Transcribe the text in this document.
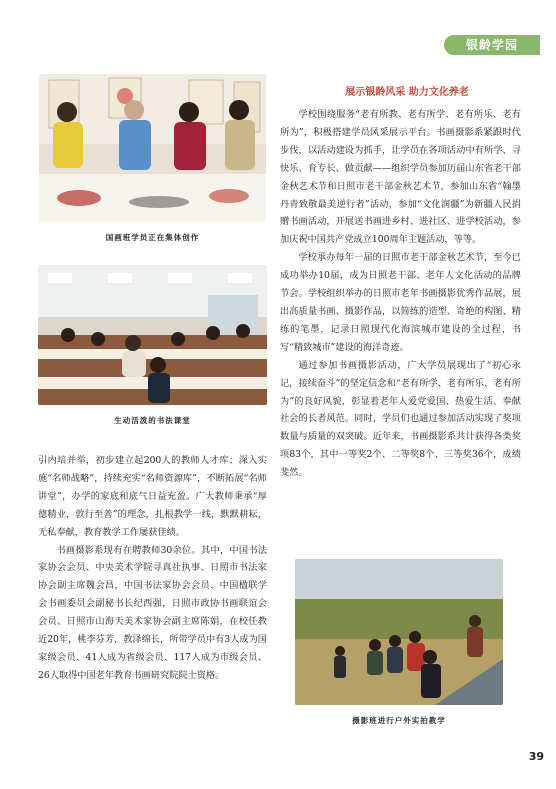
银龄学园
国画班学员正在集体创作
生动活泼的书法课堂
展示银龄风采 助力文化养老

学校围绕服务“老有所教、老有所学、老有所乐、老有所为”，积极搭建学员风采展示平台。书画摄影系紧跟时代步伐，以活动建设为抓手，让学员在各项活动中有所学、寻快乐、育专长、做贡献——组织学员参加历届山东省老干部金秋艺术节和日照市老干部金秋艺术节，参加山东省“翰墨丹青致敬最美逆行者”活动，参加“文化润疆”为新疆人民捐赠书画活动，开展送书画进乡村、进社区、进学校活动，参加庆祝中国共产党成立100周年主题活动，等等。

学校承办每年一届的日照市老干部金秋艺术节，至今已成功举办10届，成为日照老干部、老年人文化活动的品牌节会。学校组织举办的日照市老年书画摄影优秀作品展，展出高质量书画、摄影作品，以简练的造型、奇绝的构图、精练的笔墨，记录日照现代化海滨城市建设的全过程，书写“精致城市”建设的海洋奇迹。

通过参加书画摄影活动，广大学员展现出了“初心永记，接续奋斗”的坚定信念和“老有所学、老有所乐、老有所为”的良好风貌，彰显着老年人爱党爱国、热爱生活、奉献社会的长者风范。同时，学员们也通过参加活动实现了奖项数量与质量的双突破。近年来，书画摄影系共计获得各类奖项83个，其中一等奖2个、二等奖8个、三等奖36个，成绩斐然。

引内培并举，初步建立起200人的教师人才库；深入实施“名师战略”，持续充实“名师资源库”，不断拓展“名师讲堂”，办学的家底和底气日益充盈。广大教师秉承“厚德精业，敦行至善”的理念，扎根教学一线，默默耕耘，无私奉献，教育教学工作屡获佳绩。

书画摄影系现有在聘教师30余位。其中，中国书法家协会会员、中央美术学院寻真社执事、日照市书法家协会副主席魏会昌，中国书法家协会会员、中国楹联学会书画委员会副秘书长纪西强，日照市政协书画联谊会会员、日照市山海天美术家协会副主席陈娟，在校任教近20年，桃李芬芳，教泽绵长，所带学员中有3人成为国家级会员、41人成为省级会员、117人成为市级会员、26人取得中国老年教育书画研究院院士资格。

摄影班进行户外实拍教学
39
